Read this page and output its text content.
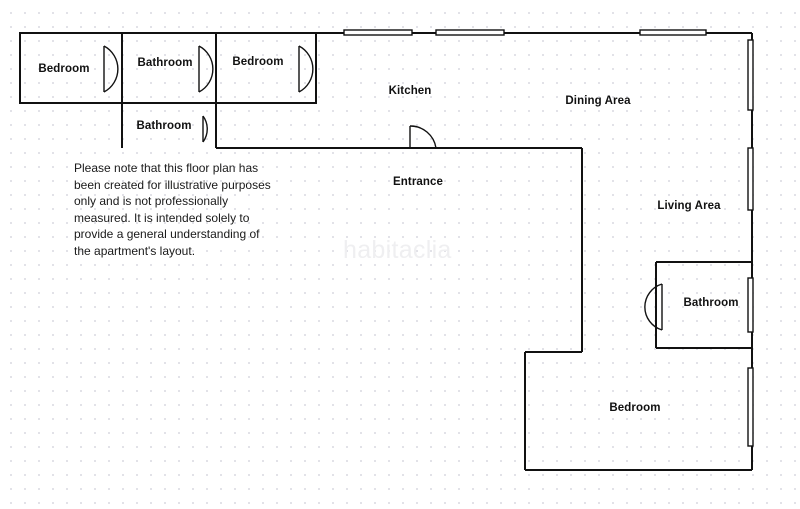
habitaclia
Please note that this floor plan has been created for illustrative purposes only and is not professionally measured. It is intended solely to provide a general understanding of the apartment's layout.
Bedroom	Bathroom	Bedroom
Bathroom
Kitchen
Dining Area
Entrance
Living Area
Bathroom
Bedroom
